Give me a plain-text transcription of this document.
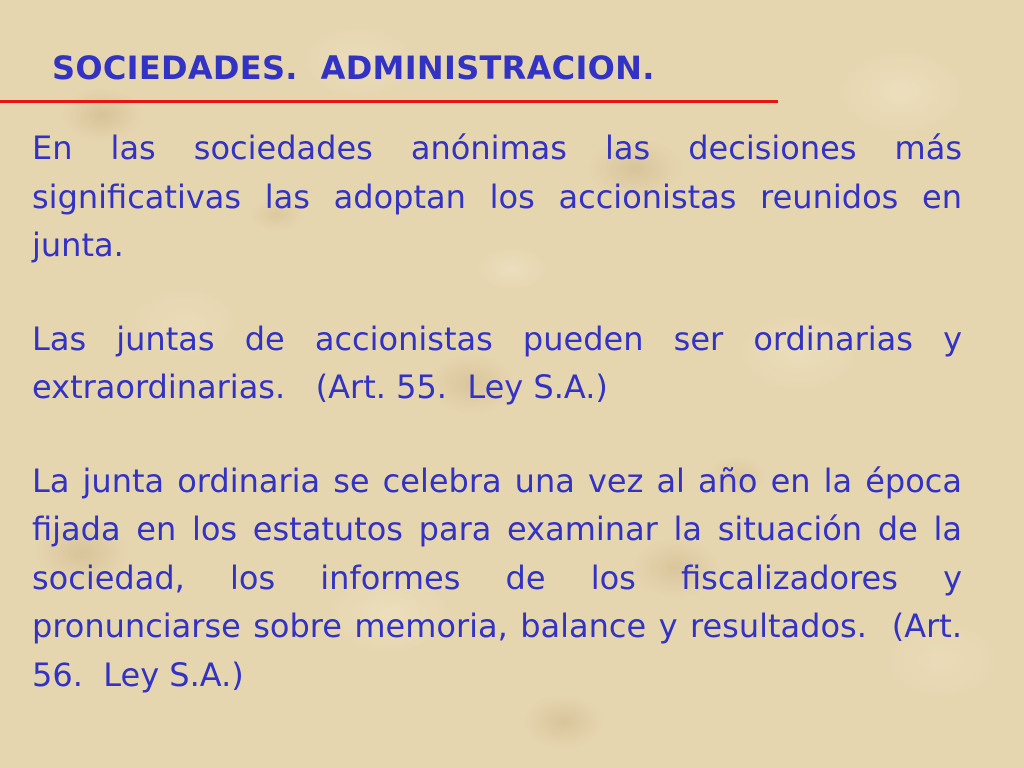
SOCIEDADES.  ADMINISTRACION.

En las sociedades anónimas las decisiones más significativas las adoptan los accionistas reunidos en junta.

Las juntas de accionistas pueden ser ordinarias y extraordinarias.   (Art. 55.  Ley S.A.)

La junta ordinaria se celebra una vez al año en la época fijada en los estatutos para examinar la situación de la sociedad, los informes de los fiscalizadores y pronunciarse sobre memoria, balance y resultados.  (Art. 56.  Ley S.A.)
